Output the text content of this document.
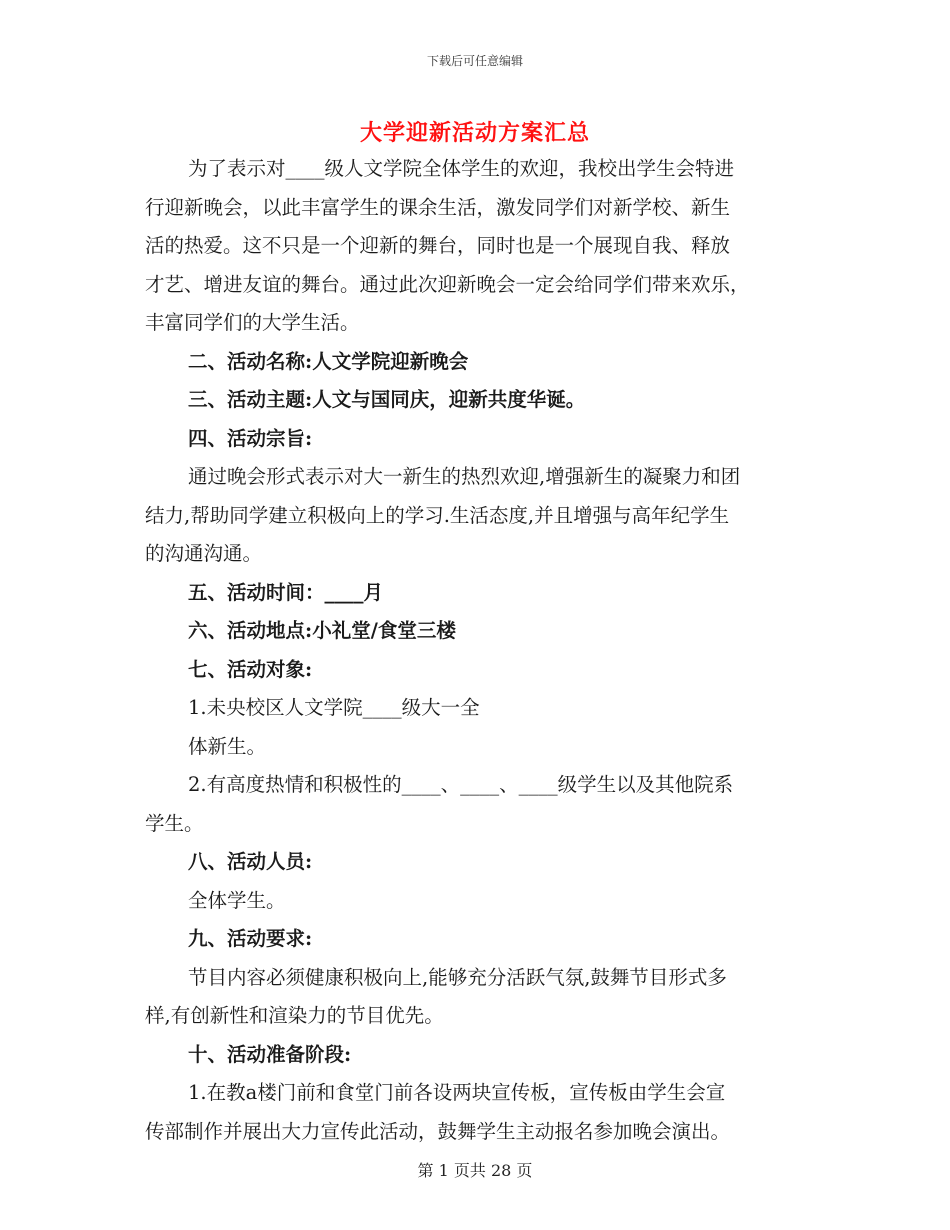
下载后可任意编辑
大学迎新活动方案汇总
为了表示对____级人文学院全体学生的欢迎，我校出学生会特进
行迎新晚会，以此丰富学生的课余生活，激发同学们对新学校、新生
活的热爱。这不只是一个迎新的舞台，同时也是一个展现自我、释放
才艺、增进友谊的舞台。通过此次迎新晚会一定会给同学们带来欢乐，
丰富同学们的大学生活。
二、活动名称:人文学院迎新晚会
三、活动主题:人文与国同庆，迎新共度华诞。
四、活动宗旨:
通过晚会形式表示对大一新生的热烈欢迎,增强新生的凝聚力和团
结力,帮助同学建立积极向上的学习.生活态度,并且增强与高年纪学生
的沟通沟通。
五、活动时间：____月
六、活动地点:小礼堂/食堂三楼
七、活动对象:
1.未央校区人文学院____级大一全
体新生。
2.有高度热情和积极性的____、____、____级学生以及其他院系
学生。
八、活动人员:
全体学生。
九、活动要求:
节目内容必须健康积极向上,能够充分活跃气氛,鼓舞节目形式多
样,有创新性和渲染力的节目优先。
十、活动准备阶段:
1.在教a楼门前和食堂门前各设两块宣传板，宣传板由学生会宣
传部制作并展出大力宣传此活动，鼓舞学生主动报名参加晚会演出。
第 1 页共 28 页
